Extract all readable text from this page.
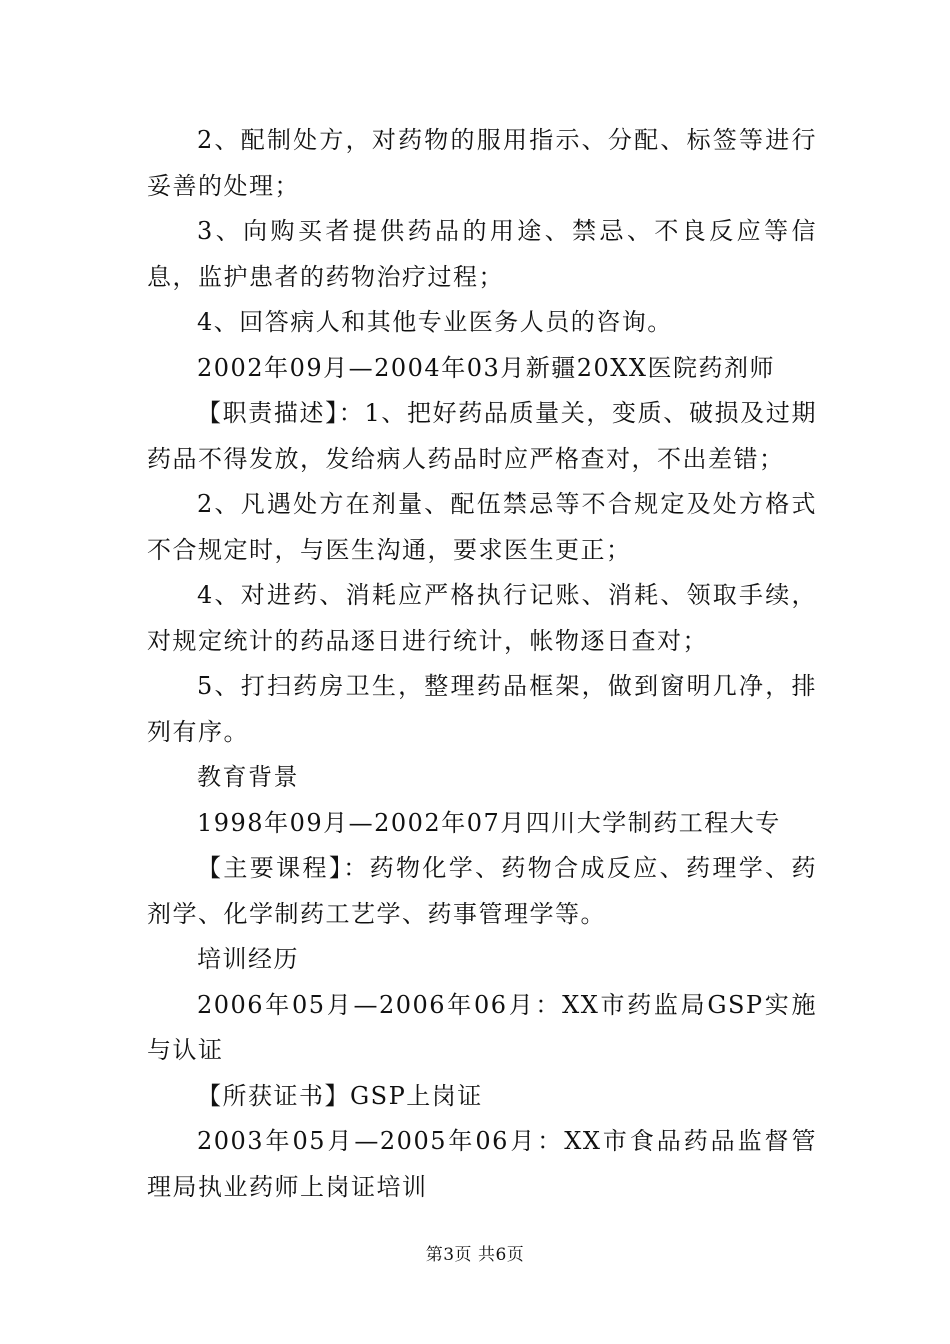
2、配制处方，对药物的服用指示、分配、标签等进行妥善的处理；

3、向购买者提供药品的用途、禁忌、不良反应等信息，监护患者的药物治疗过程；

4、回答病人和其他专业医务人员的咨询。

2002年09月—2004年03月新疆20XX医院药剂师

【职责描述】：1、把好药品质量关，变质、破损及过期药品不得发放，发给病人药品时应严格查对，不出差错；

2、凡遇处方在剂量、配伍禁忌等不合规定及处方格式不合规定时，与医生沟通，要求医生更正；

4、对进药、消耗应严格执行记账、消耗、领取手续，对规定统计的药品逐日进行统计，帐物逐日查对；

5、打扫药房卫生，整理药品框架，做到窗明几净，排列有序。

教育背景

1998年09月—2002年07月四川大学制药工程大专

【主要课程】：药物化学、药物合成反应、药理学、药剂学、化学制药工艺学、药事管理学等。

培训经历

2006年05月—2006年06月：XX市药监局GSP实施与认证

【所获证书】GSP上岗证

2003年05月—2005年06月：XX市食品药品监督管理局执业药师上岗证培训

第3页 共6页
